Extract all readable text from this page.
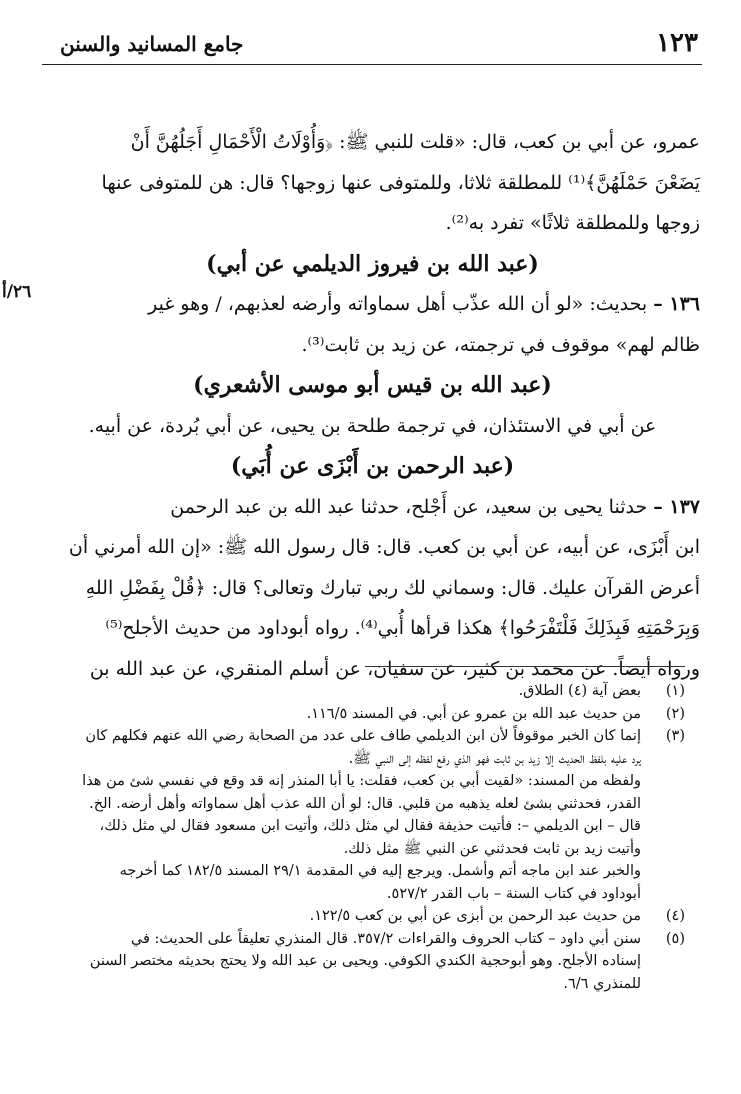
١٢٣
جامع المسانيد والسنن
٢٦/أ

عمرو، عن أبي بن كعب، قال: «قلت للنبي ﷺ: ﴿وَأُوْلَاتُ الْأَحْمَالِ أَجَلُهُنَّ أَنْ

يَضَعْنَ حَمْلَهُنَّ﴾⁽¹⁾ للمطلقة ثلاثا، وللمتوفى عنها زوجها؟ قال: هن للمتوفى عنها

زوجها وللمطلقة ثلاثًا» تفرد به⁽²⁾.

(عبد الله بن فيروز الديلمي عن أبي)

١٣٦ – بحديث: «لو أن الله عذّب أهل سماواته وأرضه لعذبهم، / وهو غير

ظالم لهم» موقوف في ترجمته، عن زيد بن ثابت⁽³⁾.

(عبد الله بن قيس أبو موسى الأشعري)

عن أبي في الاستئذان، في ترجمة طلحة بن يحيى، عن أبي بُردة، عن أبيه.

(عبد الرحمن بن أَبْزَى عن أُبَي)

١٣٧ – حدثنا يحيى بن سعيد، عن أَجْلح، حدثنا عبد الله بن عبد الرحمن

ابن أَبْزَى، عن أبيه، عن أبي بن كعب. قال: قال رسول الله ﷺ: «إن الله أمرني أن

أعرض القرآن عليك. قال: وسماني لك ربي تبارك وتعالى؟ قال: ﴿قُلْ بِفَضْلِ اللهِ

وَبِرَحْمَتِهِ فَبِذَلِكَ فَلْتَفْرَحُوا﴾ هكذا قرأها أُبي⁽⁴⁾. رواه أبوداود من حديث الأجلح⁽⁵⁾

ورواه أيضاً. عن محمد بن كثير، عن سفيان، عن أسلم المنقري، عن عبد الله بن

(١)
بعض آية (٤) الطلاق.
(٢)
من حديث عبد الله بن عمرو عن أبي. في المسند ١١٦/٥.
(٣)
إنما كان الخبر موقوفاً لأن ابن الديلمي طاف على عدد من الصحابة رضي الله عنهم فكلهم كان
يرد عليه بلفظ الحديث إلا زيد بن ثابت فهو الذي رفع لفظه إلى النبي ﷺ.
ولفظه من المسند: «لقيت أبي بن كعب، فقلت: يا أبا المنذر إنه قد وقع في نفسي شئ من هذا
القدر، فحدثني بشئ لعله يذهبه من قلبي. قال: لو أن الله عذب أهل سماواته وأهل أرضه. الخ.
قال – ابن الديلمي –: فأتيت حذيفة فقال لي مثل ذلك، وأتيت ابن مسعود فقال لي مثل ذلك،
وأتيت زيد بن ثابت فحدثني عن النبي ﷺ مثل ذلك.
والخبر عند ابن ماجه أتم وأشمل. ويرجع إليه في المقدمة ٢٩/١ المسند ١٨٢/٥ كما أخرجه
أبوداود في كتاب السنة – باب القدر ٥٢٧/٢.
(٤)
من حديث عبد الرحمن بن أبزى عن أبي بن كعب ١٢٢/٥.
(٥)
سنن أبي داود – كتاب الحروف والقراءات ٣٥٧/٢. قال المنذري تعليقاً على الحديث: في
إسناده الأجلح. وهو أبوحجية الكندي الكوفي. ويحيى بن عبد الله ولا يحتج بحديثه مختصر السنن
للمنذري ٦/٦.
